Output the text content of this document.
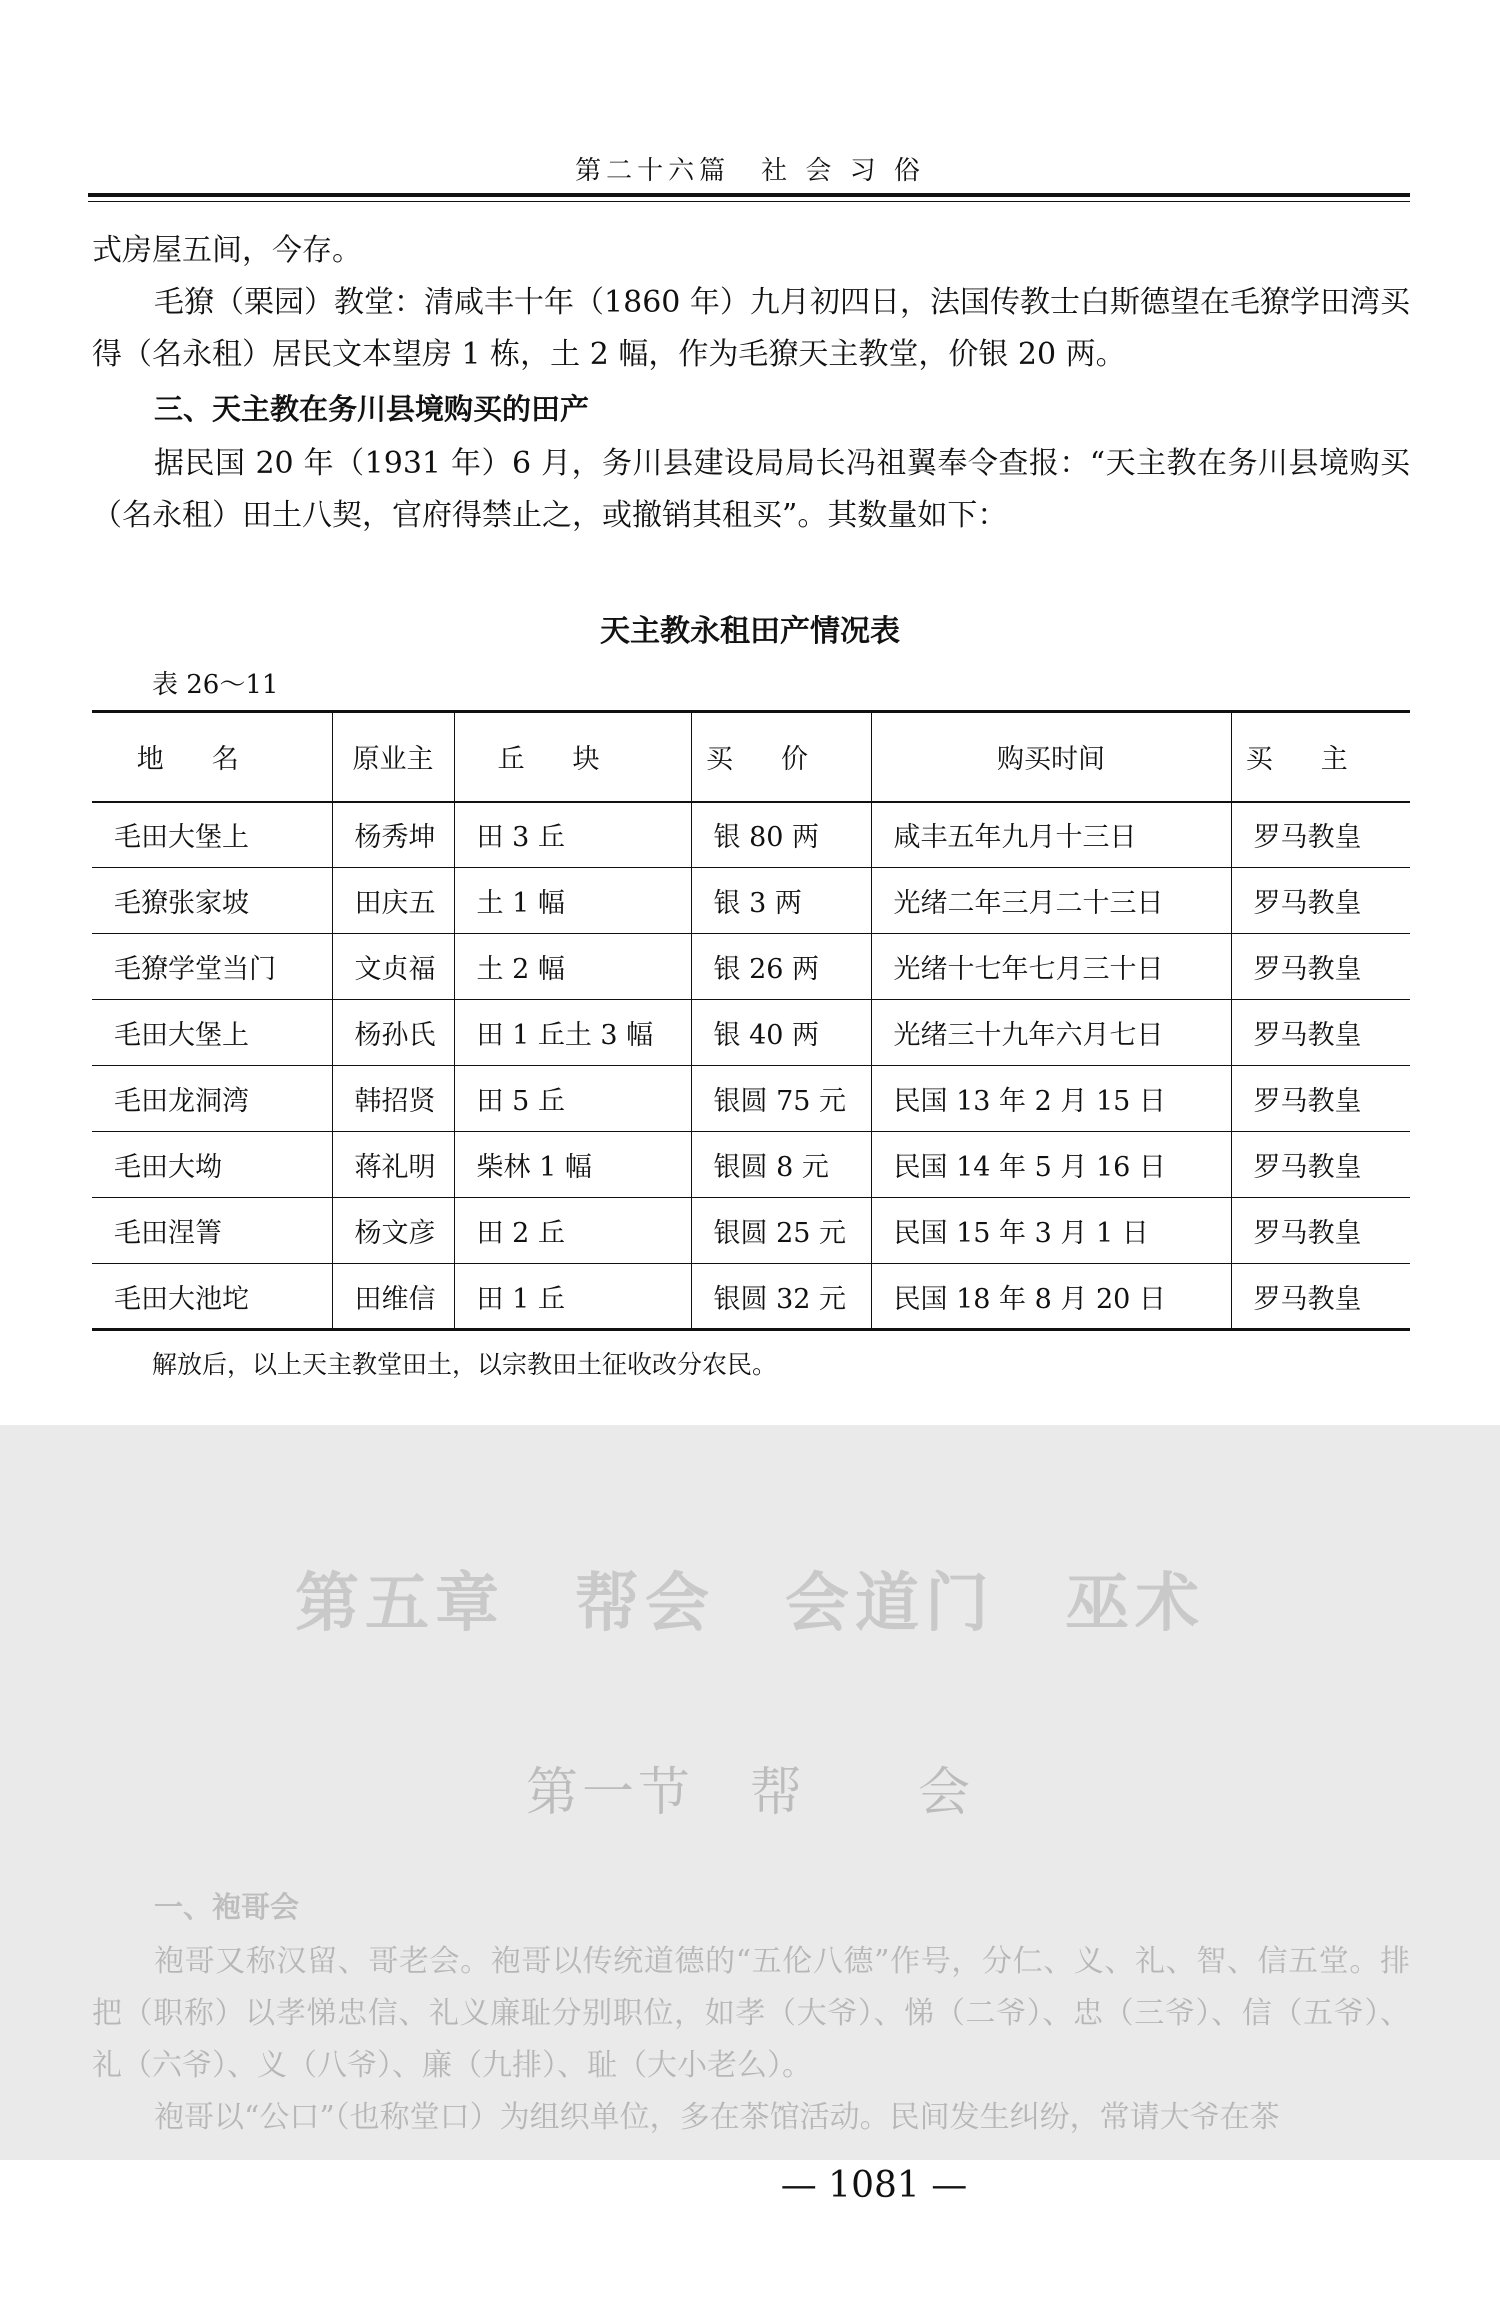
第二十六篇　社 会 习 俗

式房屋五间，今存。

毛獠（栗园）教堂：清咸丰十年（1860 年）九月初四日，法国传教士白斯德望在毛獠学田湾买得（名永租）居民文本望房 1 栋，土 2 幅，作为毛獠天主教堂，价银 20 两。

三、天主教在务川县境购买的田产

据民国 20 年（1931 年）6 月，务川县建设局局长冯祖翼奉令查报：“天主教在务川县境购买（名永租）田土八契，官府得禁止之，或撤销其租买”。其数量如下：

天主教永租田产情况表
表 26～11
地名	原业主	丘块	买价	购买时间	买主
毛田大堡上	杨秀坤	田 3 丘	银 80 两	咸丰五年九月十三日	罗马教皇
毛獠张家坡	田庆五	土 1 幅	银 3 两	光绪二年三月二十三日	罗马教皇
毛獠学堂当门	文贞福	土 2 幅	银 26 两	光绪十七年七月三十日	罗马教皇
毛田大堡上	杨孙氏	田 1 丘土 3 幅	银 40 两	光绪三十九年六月七日	罗马教皇
毛田龙洞湾	韩招贤	田 5 丘	银圆 75 元	民国 13 年 2 月 15 日	罗马教皇
毛田大坳	蒋礼明	柴林 1 幅	银圆 8 元	民国 14 年 5 月 16 日	罗马教皇
毛田涅箐	杨文彦	田 2 丘	银圆 25 元	民国 15 年 3 月 1 日	罗马教皇
毛田大池坨	田维信	田 1 丘	银圆 32 元	民国 18 年 8 月 20 日	罗马教皇
解放后，以上天主教堂田土，以宗教田土征收改分农民。
第五章　帮会　会道门　巫术
第一节　帮　　会
一、袍哥会

袍哥又称汉留、哥老会。袍哥以传统道德的“五伦八德”作号，分仁、义、礼、智、信五堂。排把（职称）以孝悌忠信、礼义廉耻分别职位，如孝（大爷）、悌（二爷）、忠（三爷）、信（五爷）、礼（六爷）、义（八爷）、廉（九排）、耻（大小老么）。

袍哥以“公口”（也称堂口）为组织单位，多在茶馆活动。民间发生纠纷，常请大爷在茶

— 1081 —
